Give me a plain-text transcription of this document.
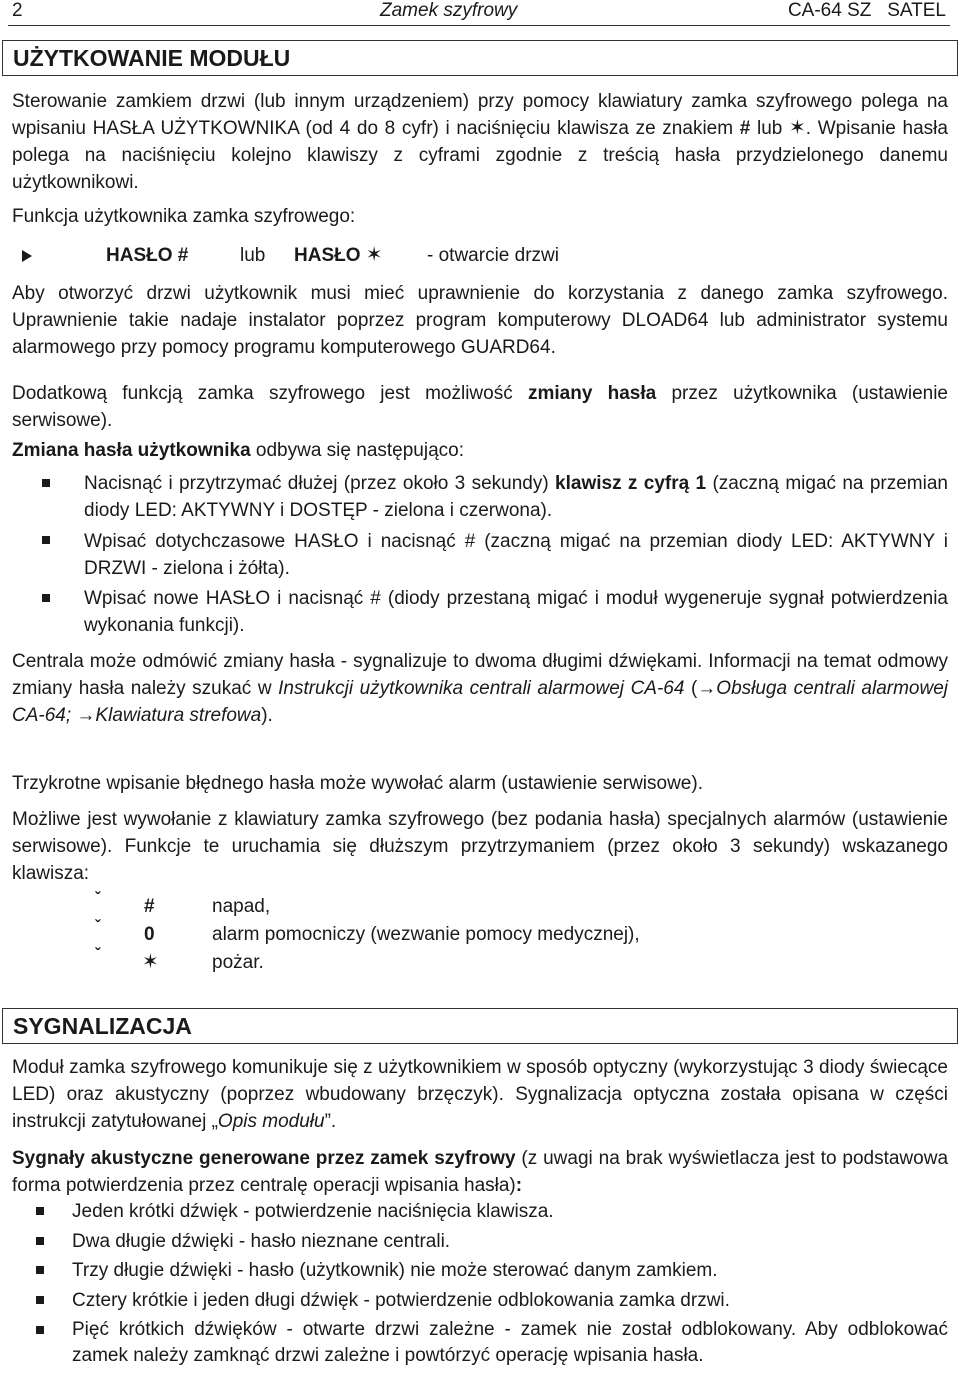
2	Zamek szyfrowy	CA-64 SZ SATEL
UŻYTKOWANIE MODUŁU
Sterowanie zamkiem drzwi (lub innym urządzeniem) przy pomocy klawiatury zamka szyfrowego polega na wpisaniu HASŁA UŻYTKOWNIKA (od 4 do 8 cyfr) i naciśnięciu klawisza ze znakiem # lub ✶. Wpisanie hasła polega na naciśnięciu kolejno klawiszy z cyframi zgodnie z treścią hasła przydzielonego danemu użytkownikowi.
Funkcja użytkownika zamka szyfrowego:
HASŁO #	lub HASŁO ✶ - otwarcie drzwi
Aby otworzyć drzwi użytkownik musi mieć uprawnienie do korzystania z danego zamka szyfrowego. Uprawnienie takie nadaje instalator poprzez program komputerowy DLOAD64 lub administrator systemu alarmowego przy pomocy programu komputerowego GUARD64.
Dodatkową funkcją zamka szyfrowego jest możliwość zmiany hasła przez użytkownika (ustawienie serwisowe).
Zmiana hasła użytkownika odbywa się następująco:
Nacisnąć i przytrzymać dłużej (przez około 3 sekundy) klawisz z cyfrą 1 (zaczną migać na przemian diody LED: AKTYWNY i DOSTĘP - zielona i czerwona).
Wpisać dotychczasowe HASŁO i nacisnąć # (zaczną migać na przemian diody LED: AKTYWNY i DRZWI - zielona i żółta).
Wpisać nowe HASŁO i nacisnąć # (diody przestaną migać i moduł wygeneruje sygnał potwierdzenia wykonania funkcji).
Centrala może odmówić zmiany hasła - sygnalizuje to dwoma długimi dźwiękami. Informacji na temat odmowy zmiany hasła należy szukać w Instrukcji użytkownika centrali alarmowej CA-64 (→Obsługa centrali alarmowej CA-64; →Klawiatura strefowa).
Trzykrotne wpisanie błędnego hasła może wywołać alarm (ustawienie serwisowe).
Możliwe jest wywołanie z klawiatury zamka szyfrowego (bez podania hasła) specjalnych alarmów (ustawienie serwisowe). Funkcje te uruchamia się dłuższym przytrzymaniem (przez około 3 sekundy) wskazanego klawisza:
ˇ #	napad,
ˇ 0	alarm pomocniczy (wezwanie pomocy medycznej),
ˇ ✶	pożar.
SYGNALIZACJA
Moduł zamka szyfrowego komunikuje się z użytkownikiem w sposób optyczny (wykorzystując 3 diody świecące LED) oraz akustyczny (poprzez wbudowany brzęczyk). Sygnalizacja optyczna została opisana w części instrukcji zatytułowanej „Opis modułu”.
Sygnały akustyczne generowane przez zamek szyfrowy (z uwagi na brak wyświetlacza jest to podstawowa forma potwierdzenia przez centralę operacji wpisania hasła):
Jeden krótki dźwięk - potwierdzenie naciśnięcia klawisza.
Dwa długie dźwięki - hasło nieznane centrali.
Trzy długie dźwięki - hasło (użytkownik) nie może sterować danym zamkiem.
Cztery krótkie i jeden długi dźwięk - potwierdzenie odblokowania zamka drzwi.
Pięć krótkich dźwięków - otwarte drzwi zależne - zamek nie został odblokowany. Aby odblokować zamek należy zamknąć drzwi zależne i powtórzyć operację wpisania hasła.
